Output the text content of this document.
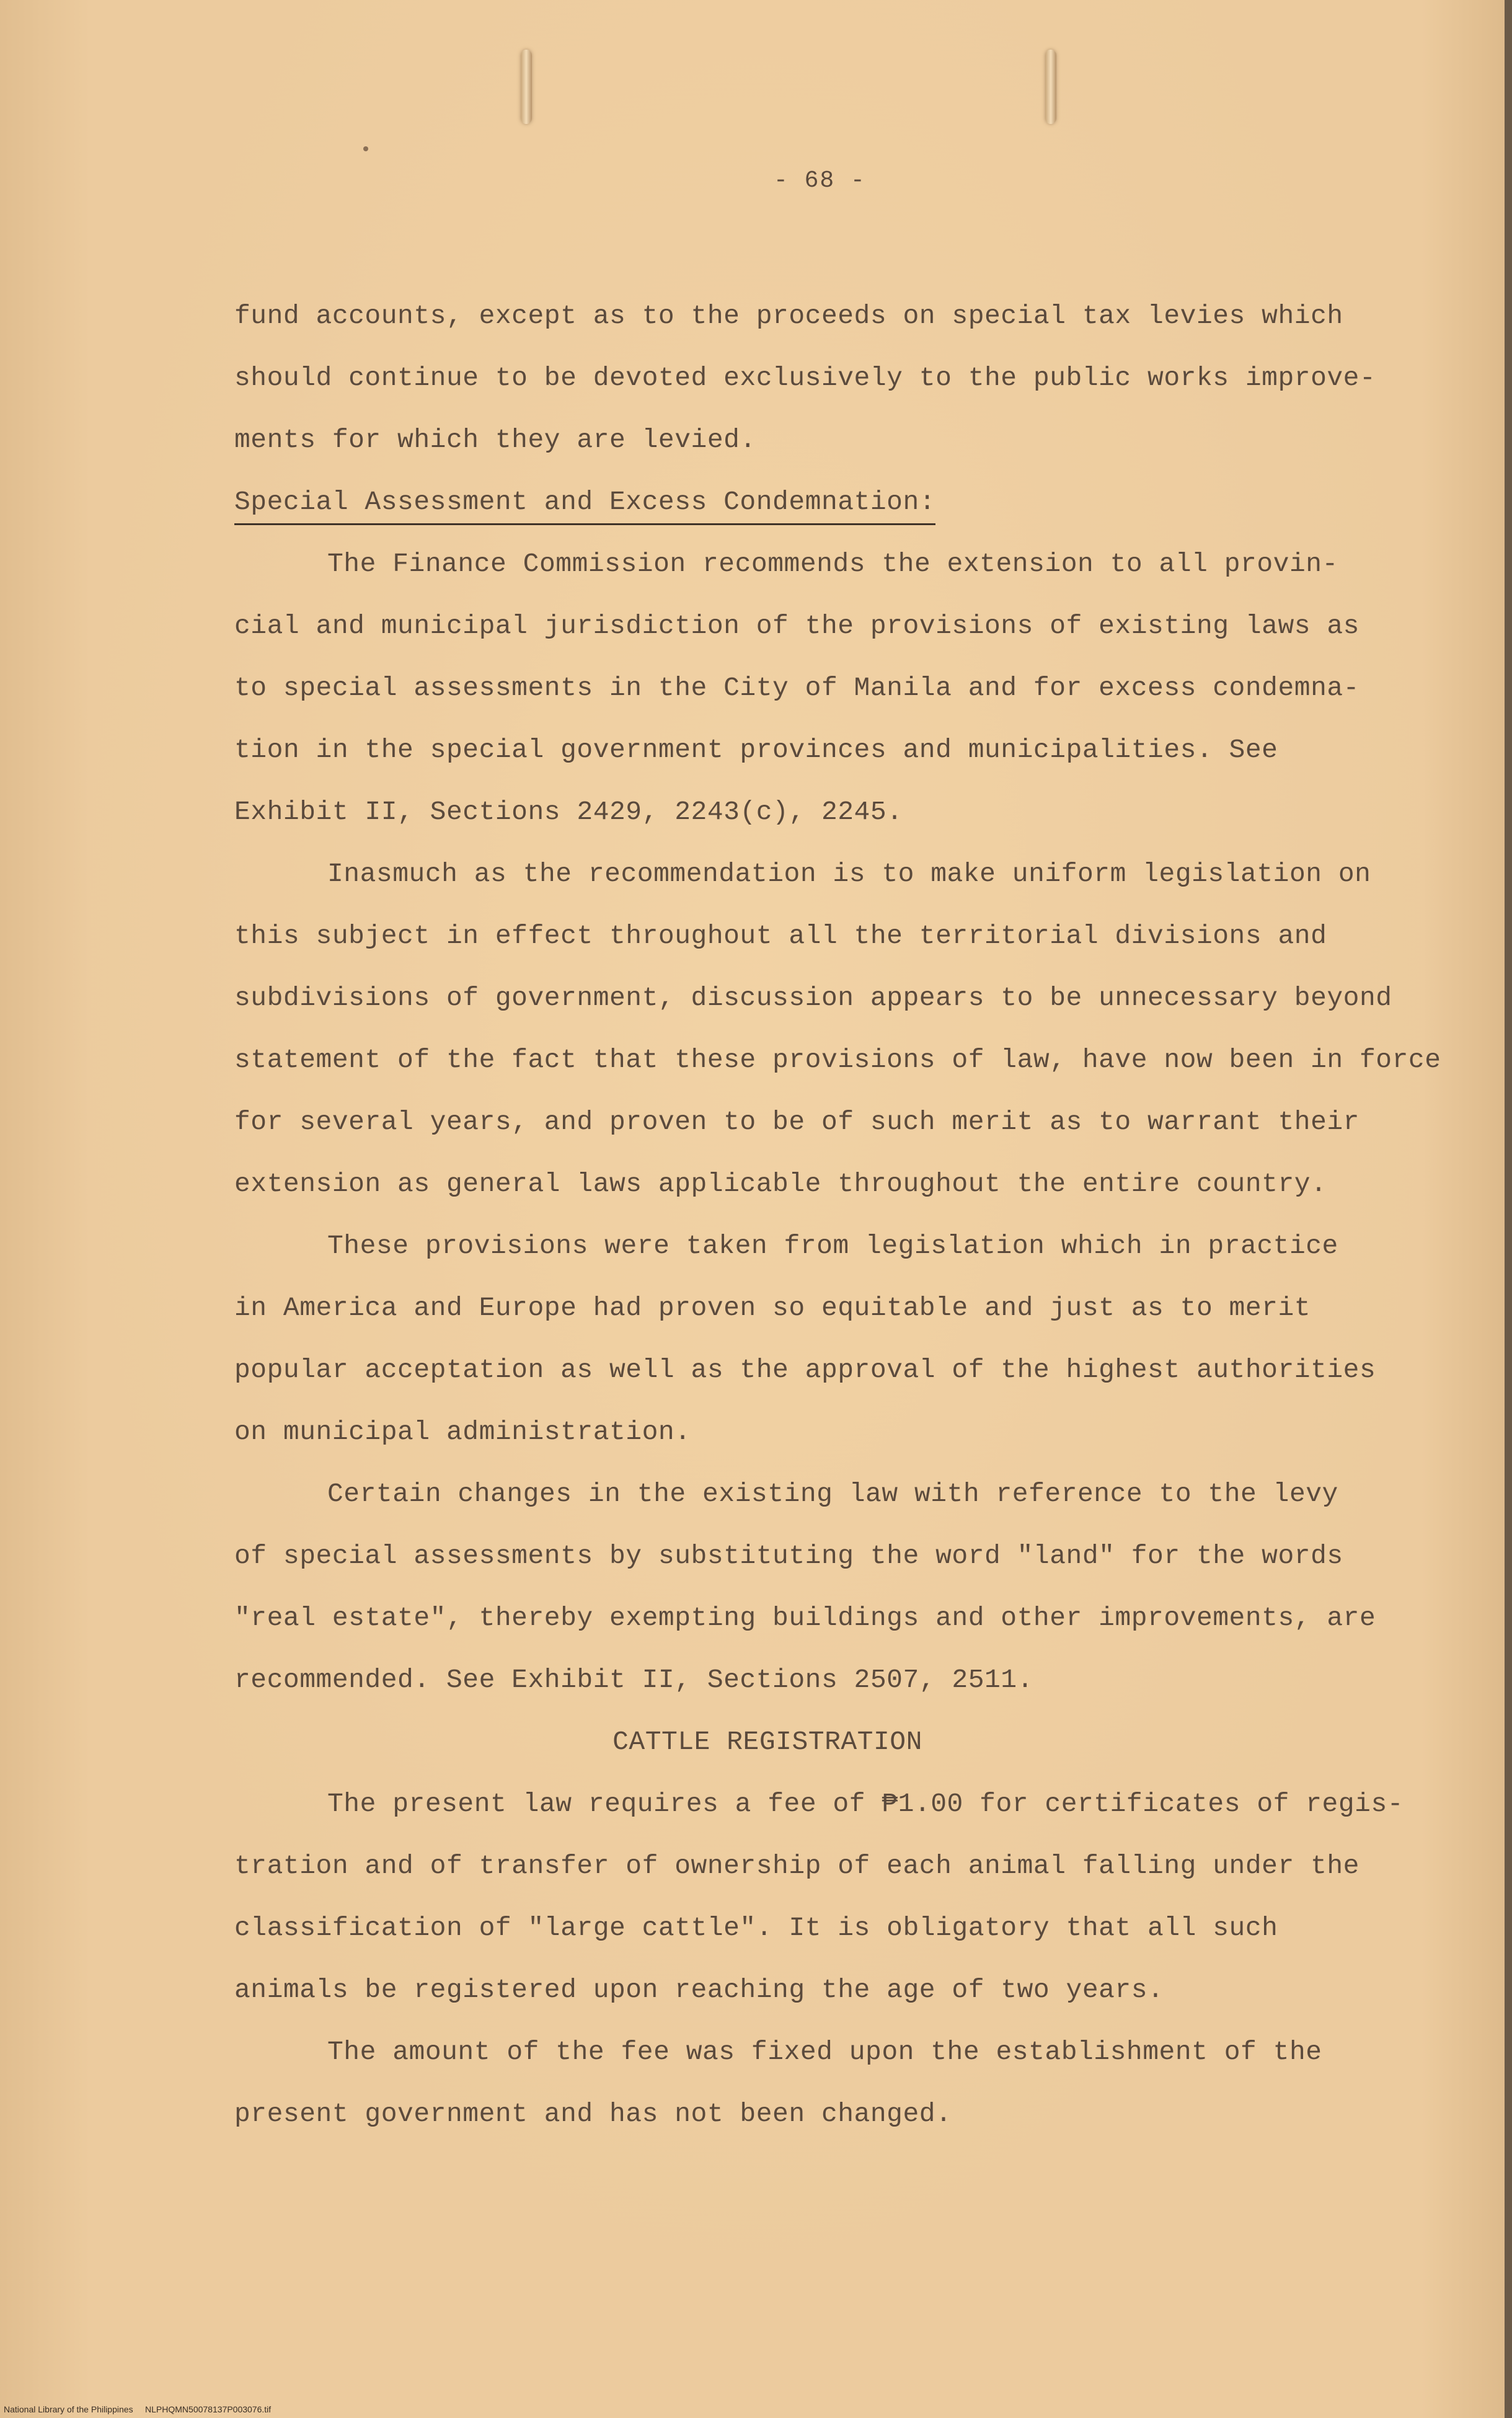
- 68 -
fund accounts, except as to the proceeds on special tax levies which
should continue to be devoted exclusively to the public works improve-
ments for which they are levied.
Special Assessment and Excess Condemnation:
The Finance Commission recommends the extension to all provin-
cial and municipal jurisdiction of the provisions of existing laws as
to special assessments in the City of Manila and for excess condemna-
tion in the special government provinces and municipalities. See
Exhibit II, Sections 2429, 2243(c), 2245.
Inasmuch as the recommendation is to make uniform legislation on
this subject in effect throughout all the territorial divisions and
subdivisions of government, discussion appears to be unnecessary beyond
statement of the fact that these provisions of law, have now been in force
for several years, and proven to be of such merit as to warrant their
extension as general laws applicable throughout the entire country.
These provisions were taken from legislation which in practice
in America and Europe had proven so equitable and just as to merit
popular acceptation as well as the approval of the highest authorities
on municipal administration.
Certain changes in the existing law with reference to the levy
of special assessments by substituting the word "land" for the words
"real estate", thereby exempting buildings and other improvements, are
recommended. See Exhibit II, Sections 2507, 2511.
CATTLE REGISTRATION
The present law requires a fee of ₱1.00 for certificates of regis-
tration and of transfer of ownership of each animal falling under the
classification of "large cattle". It is obligatory that all such
animals be registered upon reaching the age of two years.
The amount of the fee was fixed upon the establishment of the
present government and has not been changed.
National Library of the Philippines NLPHQMN50078137P003076.tif
